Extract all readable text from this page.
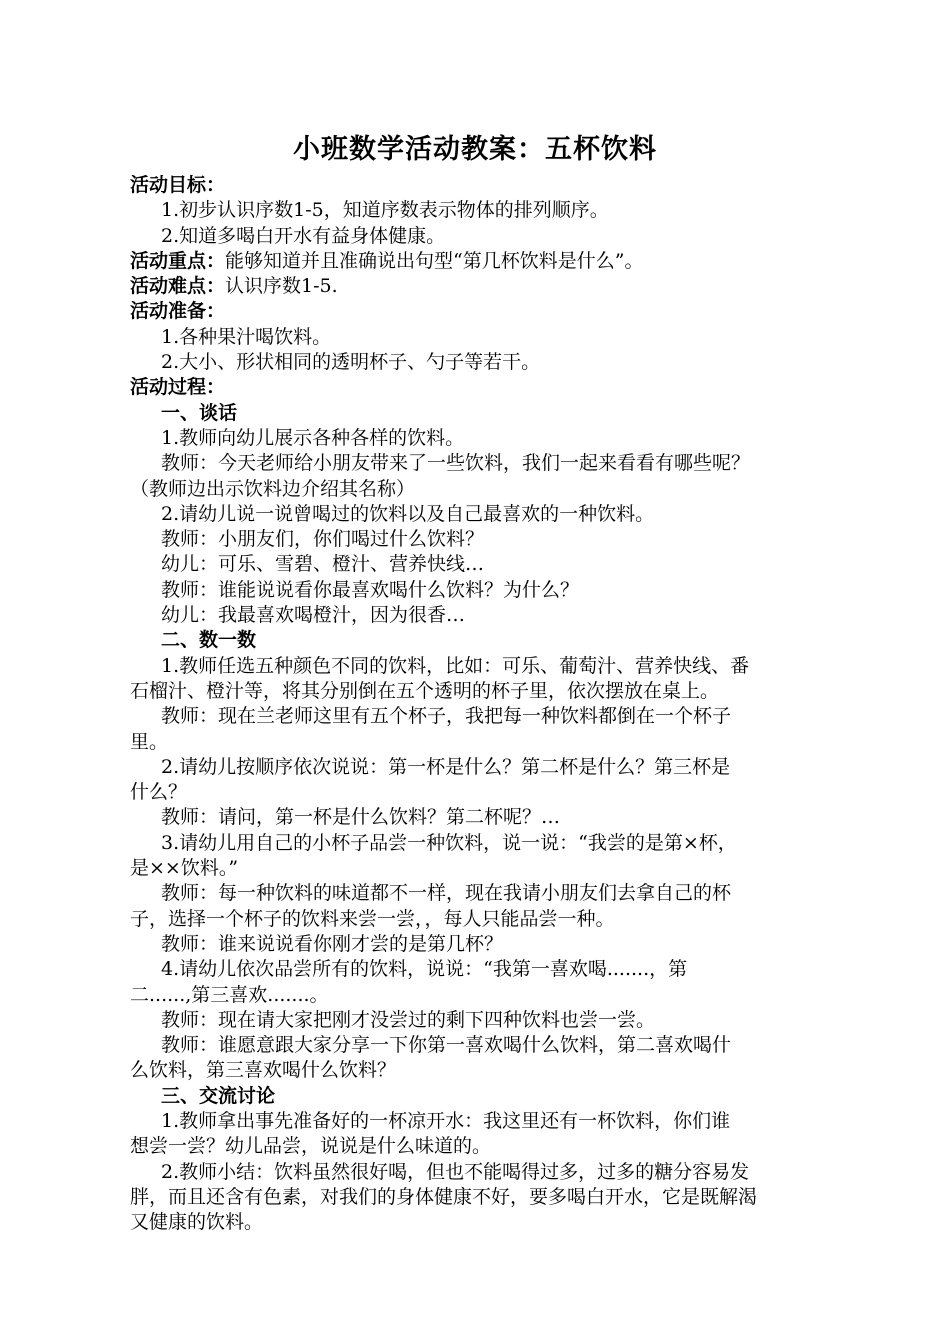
小班数学活动教案：五杯饮料
活动目标：
1.初步认识序数1-5，知道序数表示物体的排列顺序。
2.知道多喝白开水有益身体健康。
活动重点：能够知道并且准确说出句型“第几杯饮料是什么”。
活动难点：认识序数1-5.
活动准备：
1.各种果汁喝饮料。
2.大小、形状相同的透明杯子、勺子等若干。
活动过程：
一、谈话
1.教师向幼儿展示各种各样的饮料。
教师：今天老师给小朋友带来了一些饮料，我们一起来看看有哪些呢？
（教师边出示饮料边介绍其名称）
2.请幼儿说一说曾喝过的饮料以及自己最喜欢的一种饮料。
教师：小朋友们，你们喝过什么饮料？
幼儿：可乐、雪碧、橙汁、营养快线…
教师：谁能说说看你最喜欢喝什么饮料？为什么？
幼儿：我最喜欢喝橙汁，因为很香…
二、数一数
1.教师任选五种颜色不同的饮料，比如：可乐、葡萄汁、营养快线、番
石榴汁、橙汁等，将其分别倒在五个透明的杯子里，依次摆放在桌上。
教师：现在兰老师这里有五个杯子，我把每一种饮料都倒在一个杯子
里。
2.请幼儿按顺序依次说说：第一杯是什么？第二杯是什么？第三杯是
什么？
教师：请问，第一杯是什么饮料？第二杯呢？…
3.请幼儿用自己的小杯子品尝一种饮料，说一说：“我尝的是第×杯，
是××饮料。”
教师：每一种饮料的味道都不一样，现在我请小朋友们去拿自己的杯
子，选择一个杯子的饮料来尝一尝，，每人只能品尝一种。
教师：谁来说说看你刚才尝的是第几杯？
4.请幼儿依次品尝所有的饮料，说说：“我第一喜欢喝.......，第
二......,第三喜欢.......。
教师：现在请大家把刚才没尝过的剩下四种饮料也尝一尝。
教师：谁愿意跟大家分享一下你第一喜欢喝什么饮料，第二喜欢喝什
么饮料，第三喜欢喝什么饮料？
三、交流讨论
1.教师拿出事先准备好的一杯凉开水：我这里还有一杯饮料，你们谁
想尝一尝？幼儿品尝，说说是什么味道的。
2.教师小结：饮料虽然很好喝，但也不能喝得过多，过多的糖分容易发
胖，而且还含有色素，对我们的身体健康不好，要多喝白开水，它是既解渴
又健康的饮料。
